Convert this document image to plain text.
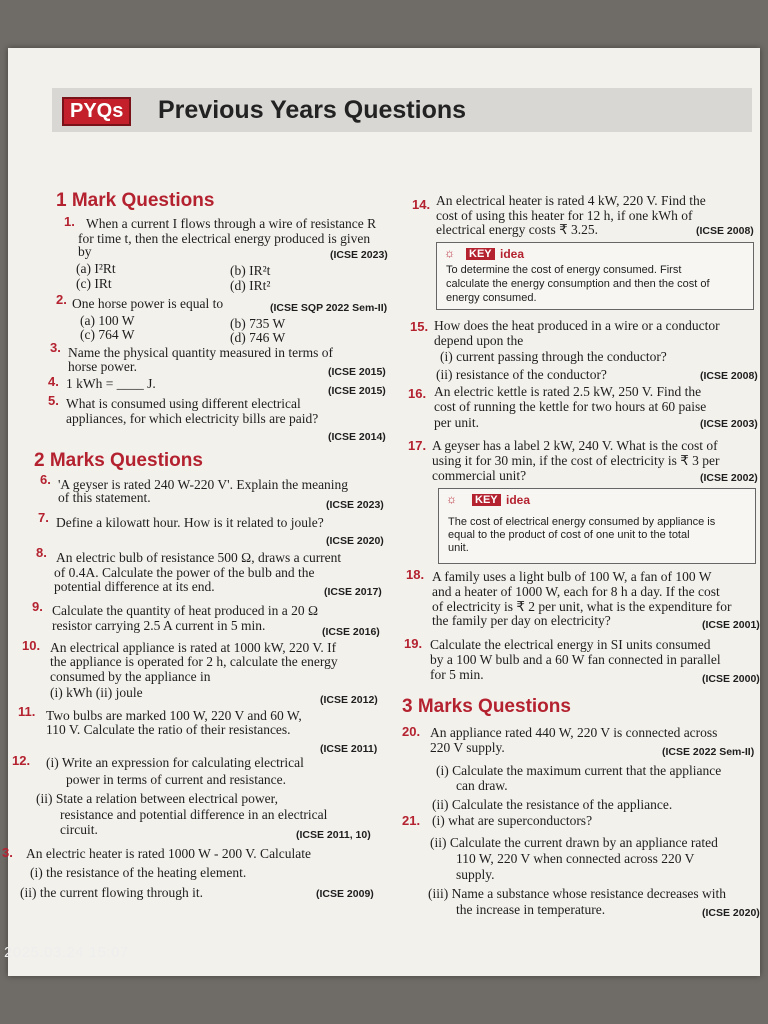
PYQs	Previous Years Questions
1 Mark Questions
1. When a current I flows through a wire of resistance R
for time t, then the electrical energy produced is given
by	(ICSE 2023)
(a) I²Rt	(b) IR²t
(c) IRt	(d) IRt²
2. One horse power is equal to	(ICSE SQP 2022 Sem-II)
(a) 100 W	(b) 735 W
(c) 764 W	(d) 746 W
3. Name the physical quantity measured in terms of
horse power.	(ICSE 2015)
4. 1 kWh = ____ J.	(ICSE 2015)
5. What is consumed using different electrical
appliances, for which electricity bills are paid?
(ICSE 2014)
2 Marks Questions
6. 'A geyser is rated 240 W-220 V'. Explain the meaning
of this statement.	(ICSE 2023)
7. Define a kilowatt hour. How is it related to joule?
(ICSE 2020)
8. An electric bulb of resistance 500 Ω, draws a current
of 0.4A. Calculate the power of the bulb and the
potential difference at its end.	(ICSE 2017)
9. Calculate the quantity of heat produced in a 20 Ω
resistor carrying 2.5 A current in 5 min.	(ICSE 2016)
10. An electrical appliance is rated at 1000 kW, 220 V. If
the appliance is operated for 2 h, calculate the energy
consumed by the appliance in
(i) kWh (ii) joule	(ICSE 2012)
11. Two bulbs are marked 100 W, 220 V and 60 W,
110 V. Calculate the ratio of their resistances.
(ICSE 2011)
12. (i) Write an expression for calculating electrical
power in terms of current and resistance.
(ii) State a relation between electrical power,
resistance and potential difference in an electrical
circuit.	(ICSE 2011, 10)
3. An electric heater is rated 1000 W - 200 V. Calculate
(i) the resistance of the heating element.
(ii) the current flowing through it.	(ICSE 2009)
14. An electrical heater is rated 4 kW, 220 V. Find the
cost of using this heater for 12 h, if one kWh of
electrical energy costs ₹ 3.25.	(ICSE 2008)
☼ KEY idea
To determine the cost of energy consumed. First
calculate the energy consumption and then the cost of
energy consumed.
15. How does the heat produced in a wire or a conductor
depend upon the
(i) current passing through the conductor?
(ii) resistance of the conductor?	(ICSE 2008)
16. An electric kettle is rated 2.5 kW, 250 V. Find the
cost of running the kettle for two hours at 60 paise
per unit.	(ICSE 2003)
17. A geyser has a label 2 kW, 240 V. What is the cost of
using it for 30 min, if the cost of electricity is ₹ 3 per
commercial unit?	(ICSE 2002)
☼ KEY idea
The cost of electrical energy consumed by appliance is
equal to the product of cost of one unit to the total
unit.
18. A family uses a light bulb of 100 W, a fan of 100 W
and a heater of 1000 W, each for 8 h a day. If the cost
of electricity is ₹ 2 per unit, what is the expenditure for
the family per day on electricity?	(ICSE 2001)
19. Calculate the electrical energy in SI units consumed
by a 100 W bulb and a 60 W fan connected in parallel
for 5 min.	(ICSE 2000)
3 Marks Questions
20. An appliance rated 440 W, 220 V is connected across
220 V supply.	(ICSE 2022 Sem-II)
(i) Calculate the maximum current that the appliance
can draw.
(ii) Calculate the resistance of the appliance.
21. (i) what are superconductors?
(ii) Calculate the current drawn by an appliance rated
110 W, 220 V when connected across 220 V
supply.
(iii) Name a substance whose resistance decreases with
the increase in temperature.	(ICSE 2020)
2025.03.24 15:07
